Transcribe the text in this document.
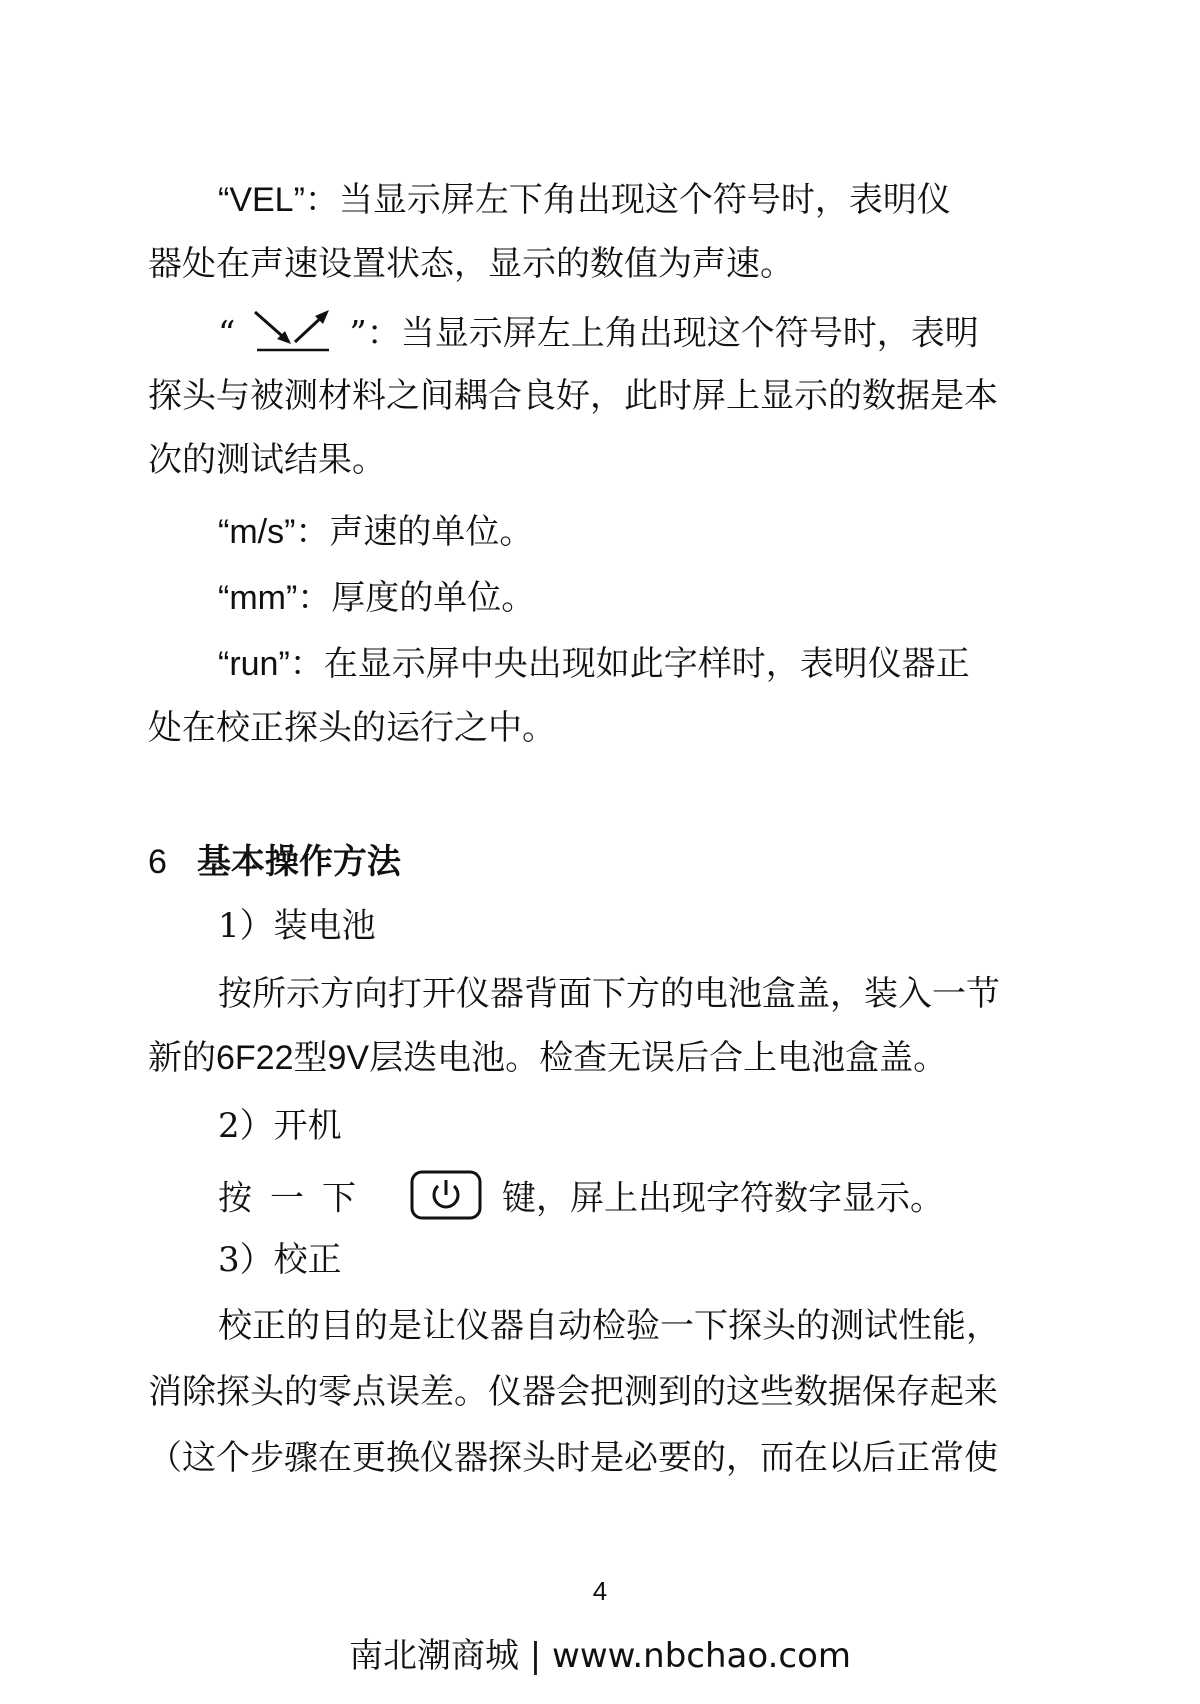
“VEL”：当显示屏左下角出现这个符号时，表明仪
器处在声速设置状态，显示的数值为声速。
“	”：当显示屏左上角出现这个符号时，表明
探头与被测材料之间耦合良好，此时屏上显示的数据是本
次的测试结果。
“m/s”：声速的单位。
“mm”：厚度的单位。
“run”：在显示屏中央出现如此字样时，表明仪器正
处在校正探头的运行之中。
6 基本操作方法
1）装电池
按所示方向打开仪器背面下方的电池盒盖，装入一节
新的6F22型9V层迭电池。检查无误后合上电池盒盖。
2）开机
按一下	键，屏上出现字符数字显示。
3）校正
校正的目的是让仪器自动检验一下探头的测试性能，
消除探头的零点误差。仪器会把测到的这些数据保存起来
（这个步骤在更换仪器探头时是必要的，而在以后正常使
4
南北潮商城 | www.nbchao.com
